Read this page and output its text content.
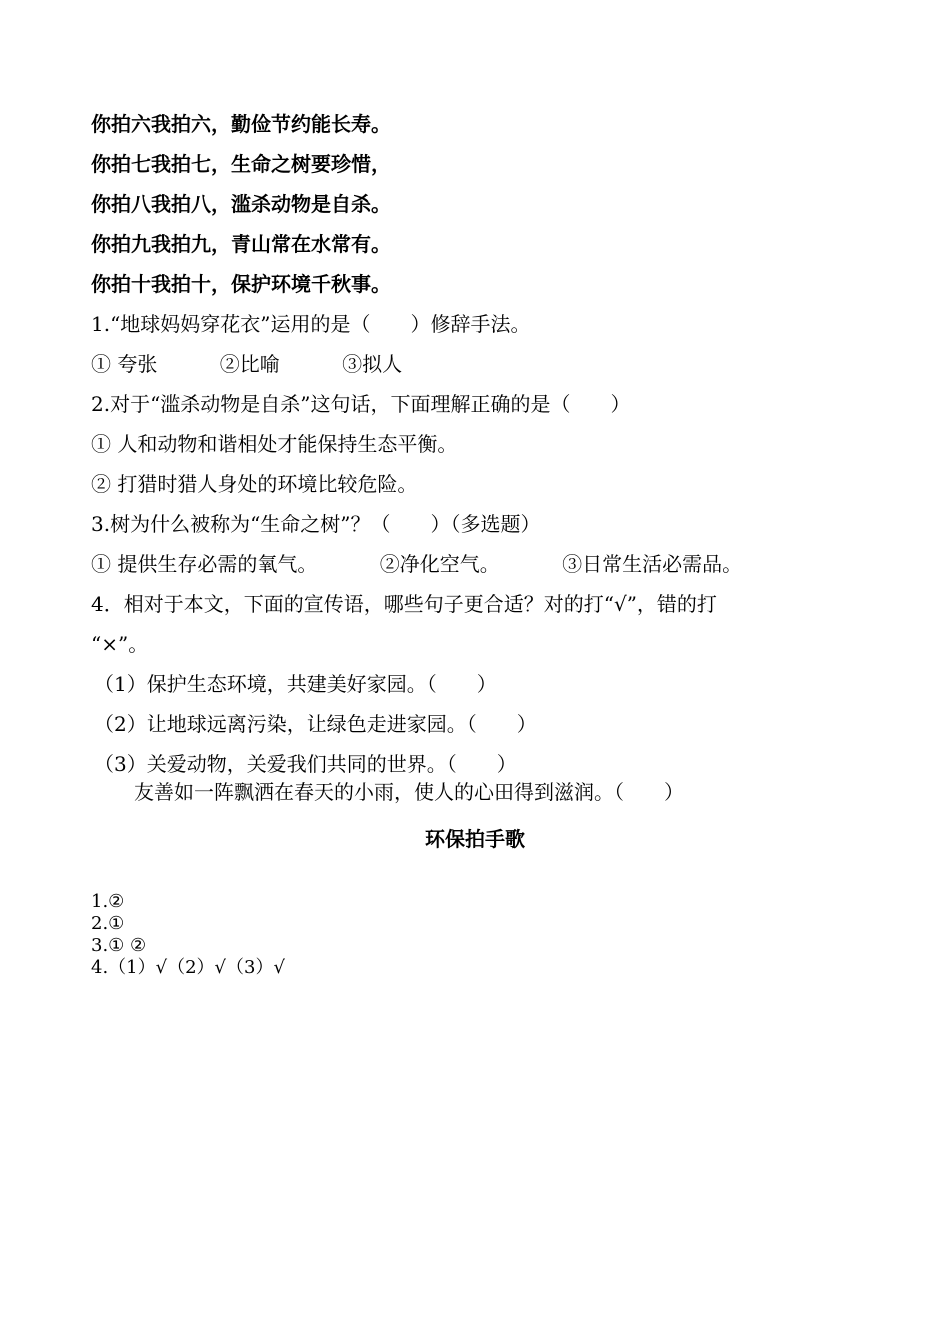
你拍六我拍六，勤俭节约能长寿。
你拍七我拍七，生命之树要珍惜，
你拍八我拍八，滥杀动物是自杀。
你拍九我拍九，青山常在水常有。
你拍十我拍十，保护环境千秋事。
1.“地球妈妈穿花衣”运用的是（　　）修辞手法。
① 夸张	②比喻	③拟人
2.对于“滥杀动物是自杀”这句话，下面理解正确的是（　　）
① 人和动物和谐相处才能保持生态平衡。
② 打猎时猎人身处的环境比较危险。
3.树为什么被称为“生命之树”？（　　）（多选题）
① 提供生存必需的氧气。	②净化空气。	③日常生活必需品。
4．相对于本文，下面的宣传语，哪些句子更合适？对的打“√”，错的打
“×”。
（1）保护生态环境，共建美好家园。（　　）
（2）让地球远离污染，让绿色走进家园。（　　）
（3）关爱动物，关爱我们共同的世界。（　　）
友善如一阵飘洒在春天的小雨，使人的心田得到滋润。（　　）
环保拍手歌
1.②
2.①
3.① ②
4.（1）√（2）√（3）√
